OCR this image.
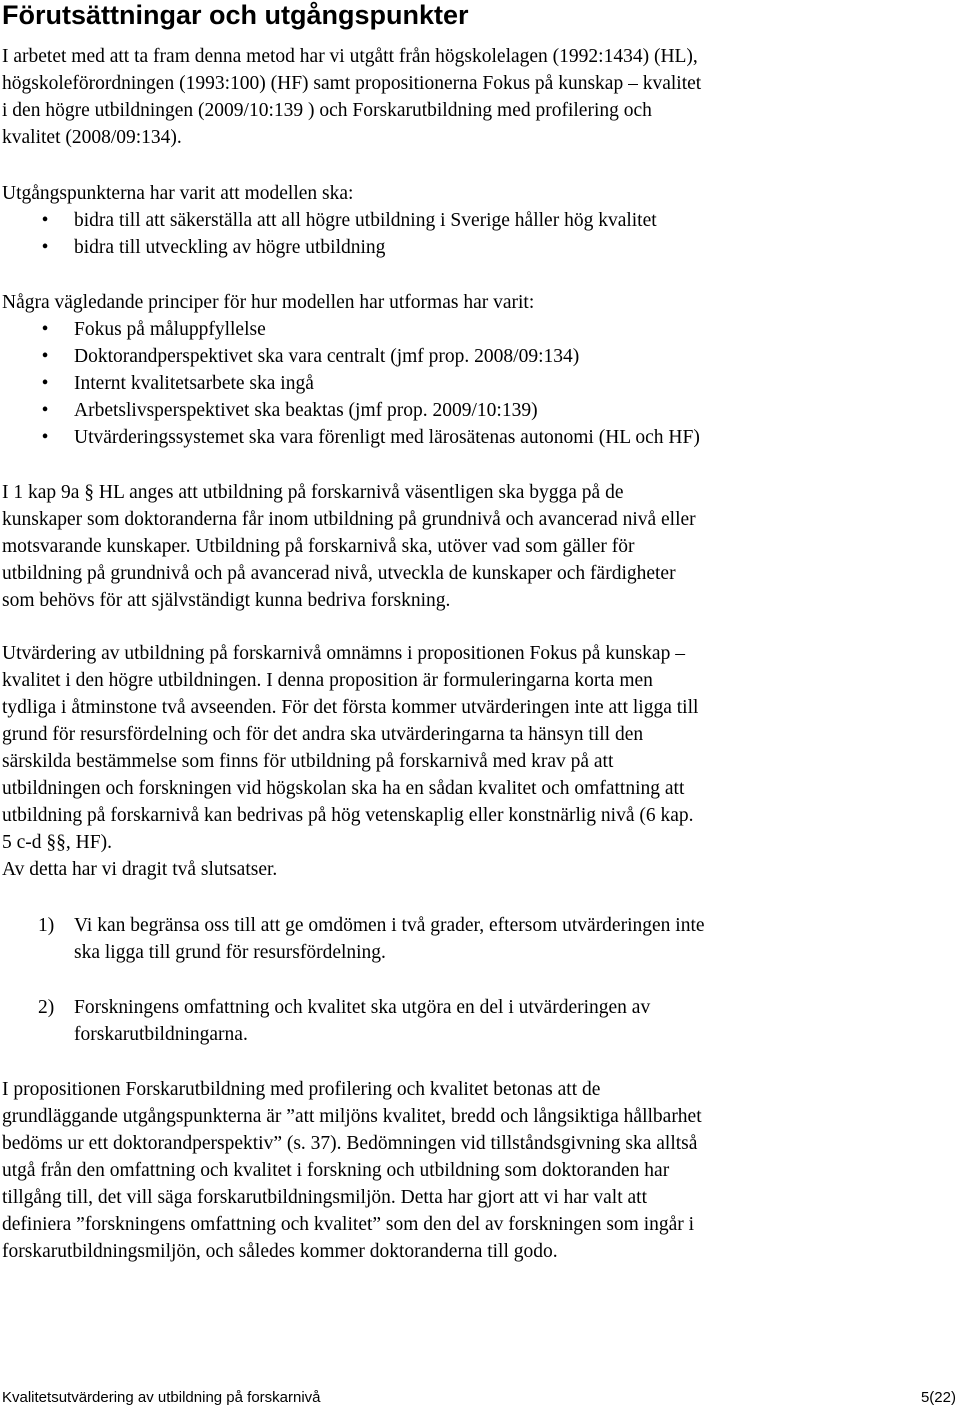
Förutsättningar och utgångspunkter
I arbetet med att ta fram denna metod har vi utgått från högskolelagen (1992:1434) (HL),
högskoleförordningen (1993:100) (HF) samt propositionerna Fokus på kunskap – kvalitet
i den högre utbildningen (2009/10:139 ) och Forskarutbildning med profilering och
kvalitet (2008/09:134).
Utgångspunkterna har varit att modellen ska:
• bidra till att säkerställa att all högre utbildning i Sverige håller hög kvalitet
• bidra till utveckling av högre utbildning
Några vägledande principer för hur modellen har utformas har varit:
• Fokus på måluppfyllelse
• Doktorandperspektivet ska vara centralt (jmf prop. 2008/09:134)
• Internt kvalitetsarbete ska ingå
• Arbetslivsperspektivet ska beaktas (jmf prop. 2009/10:139)
• Utvärderingssystemet ska vara förenligt med lärosätenas autonomi (HL och HF)
I 1 kap 9a § HL anges att utbildning på forskarnivå väsentligen ska bygga på de
kunskaper som doktoranderna får inom utbildning på grundnivå och avancerad nivå eller
motsvarande kunskaper. Utbildning på forskarnivå ska, utöver vad som gäller för
utbildning på grundnivå och på avancerad nivå, utveckla de kunskaper och färdigheter
som behövs för att självständigt kunna bedriva forskning.
Utvärdering av utbildning på forskarnivå omnämns i propositionen Fokus på kunskap –
kvalitet i den högre utbildningen. I denna proposition är formuleringarna korta men
tydliga i åtminstone två avseenden. För det första kommer utvärderingen inte att ligga till
grund för resursfördelning och för det andra ska utvärderingarna ta hänsyn till den
särskilda bestämmelse som finns för utbildning på forskarnivå med krav på att
utbildningen och forskningen vid högskolan ska ha en sådan kvalitet och omfattning att
utbildning på forskarnivå kan bedrivas på hög vetenskaplig eller konstnärlig nivå (6 kap.
5 c-d §§, HF).
Av detta har vi dragit två slutsatser.
1) Vi kan begränsa oss till att ge omdömen i två grader, eftersom utvärderingen inte
ska ligga till grund för resursfördelning.
2) Forskningens omfattning och kvalitet ska utgöra en del i utvärderingen av
forskarutbildningarna.
I propositionen Forskarutbildning med profilering och kvalitet betonas att de
grundläggande utgångspunkterna är ”att miljöns kvalitet, bredd och långsiktiga hållbarhet
bedöms ur ett doktorandperspektiv” (s. 37). Bedömningen vid tillståndsgivning ska alltså
utgå från den omfattning och kvalitet i forskning och utbildning som doktoranden har
tillgång till, det vill säga forskarutbildningsmiljön. Detta har gjort att vi har valt att
definiera ”forskningens omfattning och kvalitet” som den del av forskningen som ingår i
forskarutbildningsmiljön, och således kommer doktoranderna till godo.
Kvalitetsutvärdering av utbildning på forskarnivå	5(22)
